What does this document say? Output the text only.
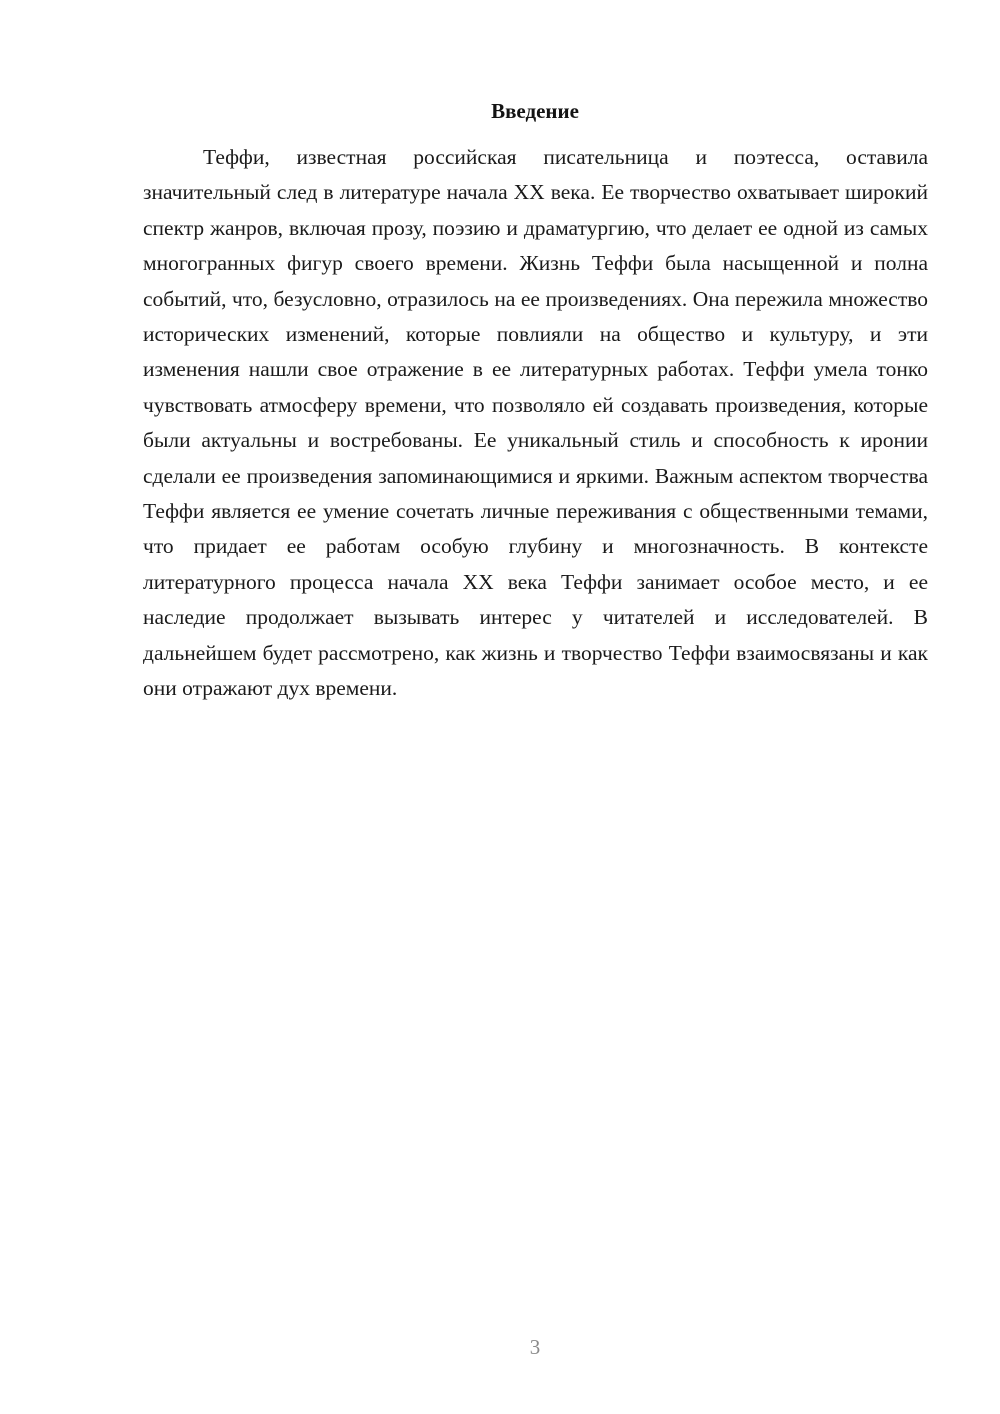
Введение

Теффи, известная российская писательница и поэтесса, оставила значительный след в литературе начала XX века. Ее творчество охватывает широкий спектр жанров, включая прозу, поэзию и драматургию, что делает ее одной из самых многогранных фигур своего времени. Жизнь Теффи была насыщенной и полна событий, что, безусловно, отразилось на ее произведениях. Она пережила множество исторических изменений, которые повлияли на общество и культуру, и эти изменения нашли свое отражение в ее литературных работах. Теффи умела тонко чувствовать атмосферу времени, что позволяло ей создавать произведения, которые были актуальны и востребованы. Ее уникальный стиль и способность к иронии сделали ее произведения запоминающимися и яркими. Важным аспектом творчества Теффи является ее умение сочетать личные переживания с общественными темами, что придает ее работам особую глубину и многозначность. В контексте литературного процесса начала XX века Теффи занимает особое место, и ее наследие продолжает вызывать интерес у читателей и исследователей. В дальнейшем будет рассмотрено, как жизнь и творчество Теффи взаимосвязаны и как они отражают дух времени.

3
